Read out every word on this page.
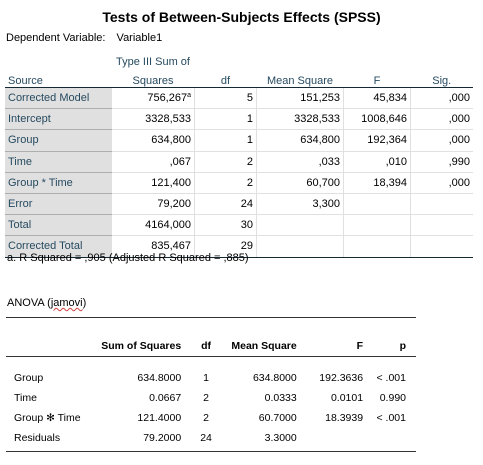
Tests of Between-Subjects Effects (SPSS)
Dependent Variable: Variable1
	Type III Sum of				
Source	Squares	df	Mean Square	F	Sig.
Corrected Model	756,267$^a$	5	151,253	45,834	,000
Intercept	3328,533	1	3328,533	1008,646	,000
Group	634,800	1	634,800	192,364	,000
Time	,067	2	,033	,010	,990
Group * Time	121,400	2	60,700	18,394	,000
Error	79,200	24	3,300		
Total	4164,000	30			
Corrected Total	835,467	29			
a. R Squared = ,905 (Adjusted R Squared = ,885)
ANOVA (jamovi)
	Sum of Squares	df	Mean Square	F	p

Group	634.8000	1	634.8000	192.3636	< .001
Time	0.0667	2	0.0333	0.0101	0.990
Group ✻ Time	121.4000	2	60.7000	18.3939	< .001
Residuals	79.2000	24	3.3000		
